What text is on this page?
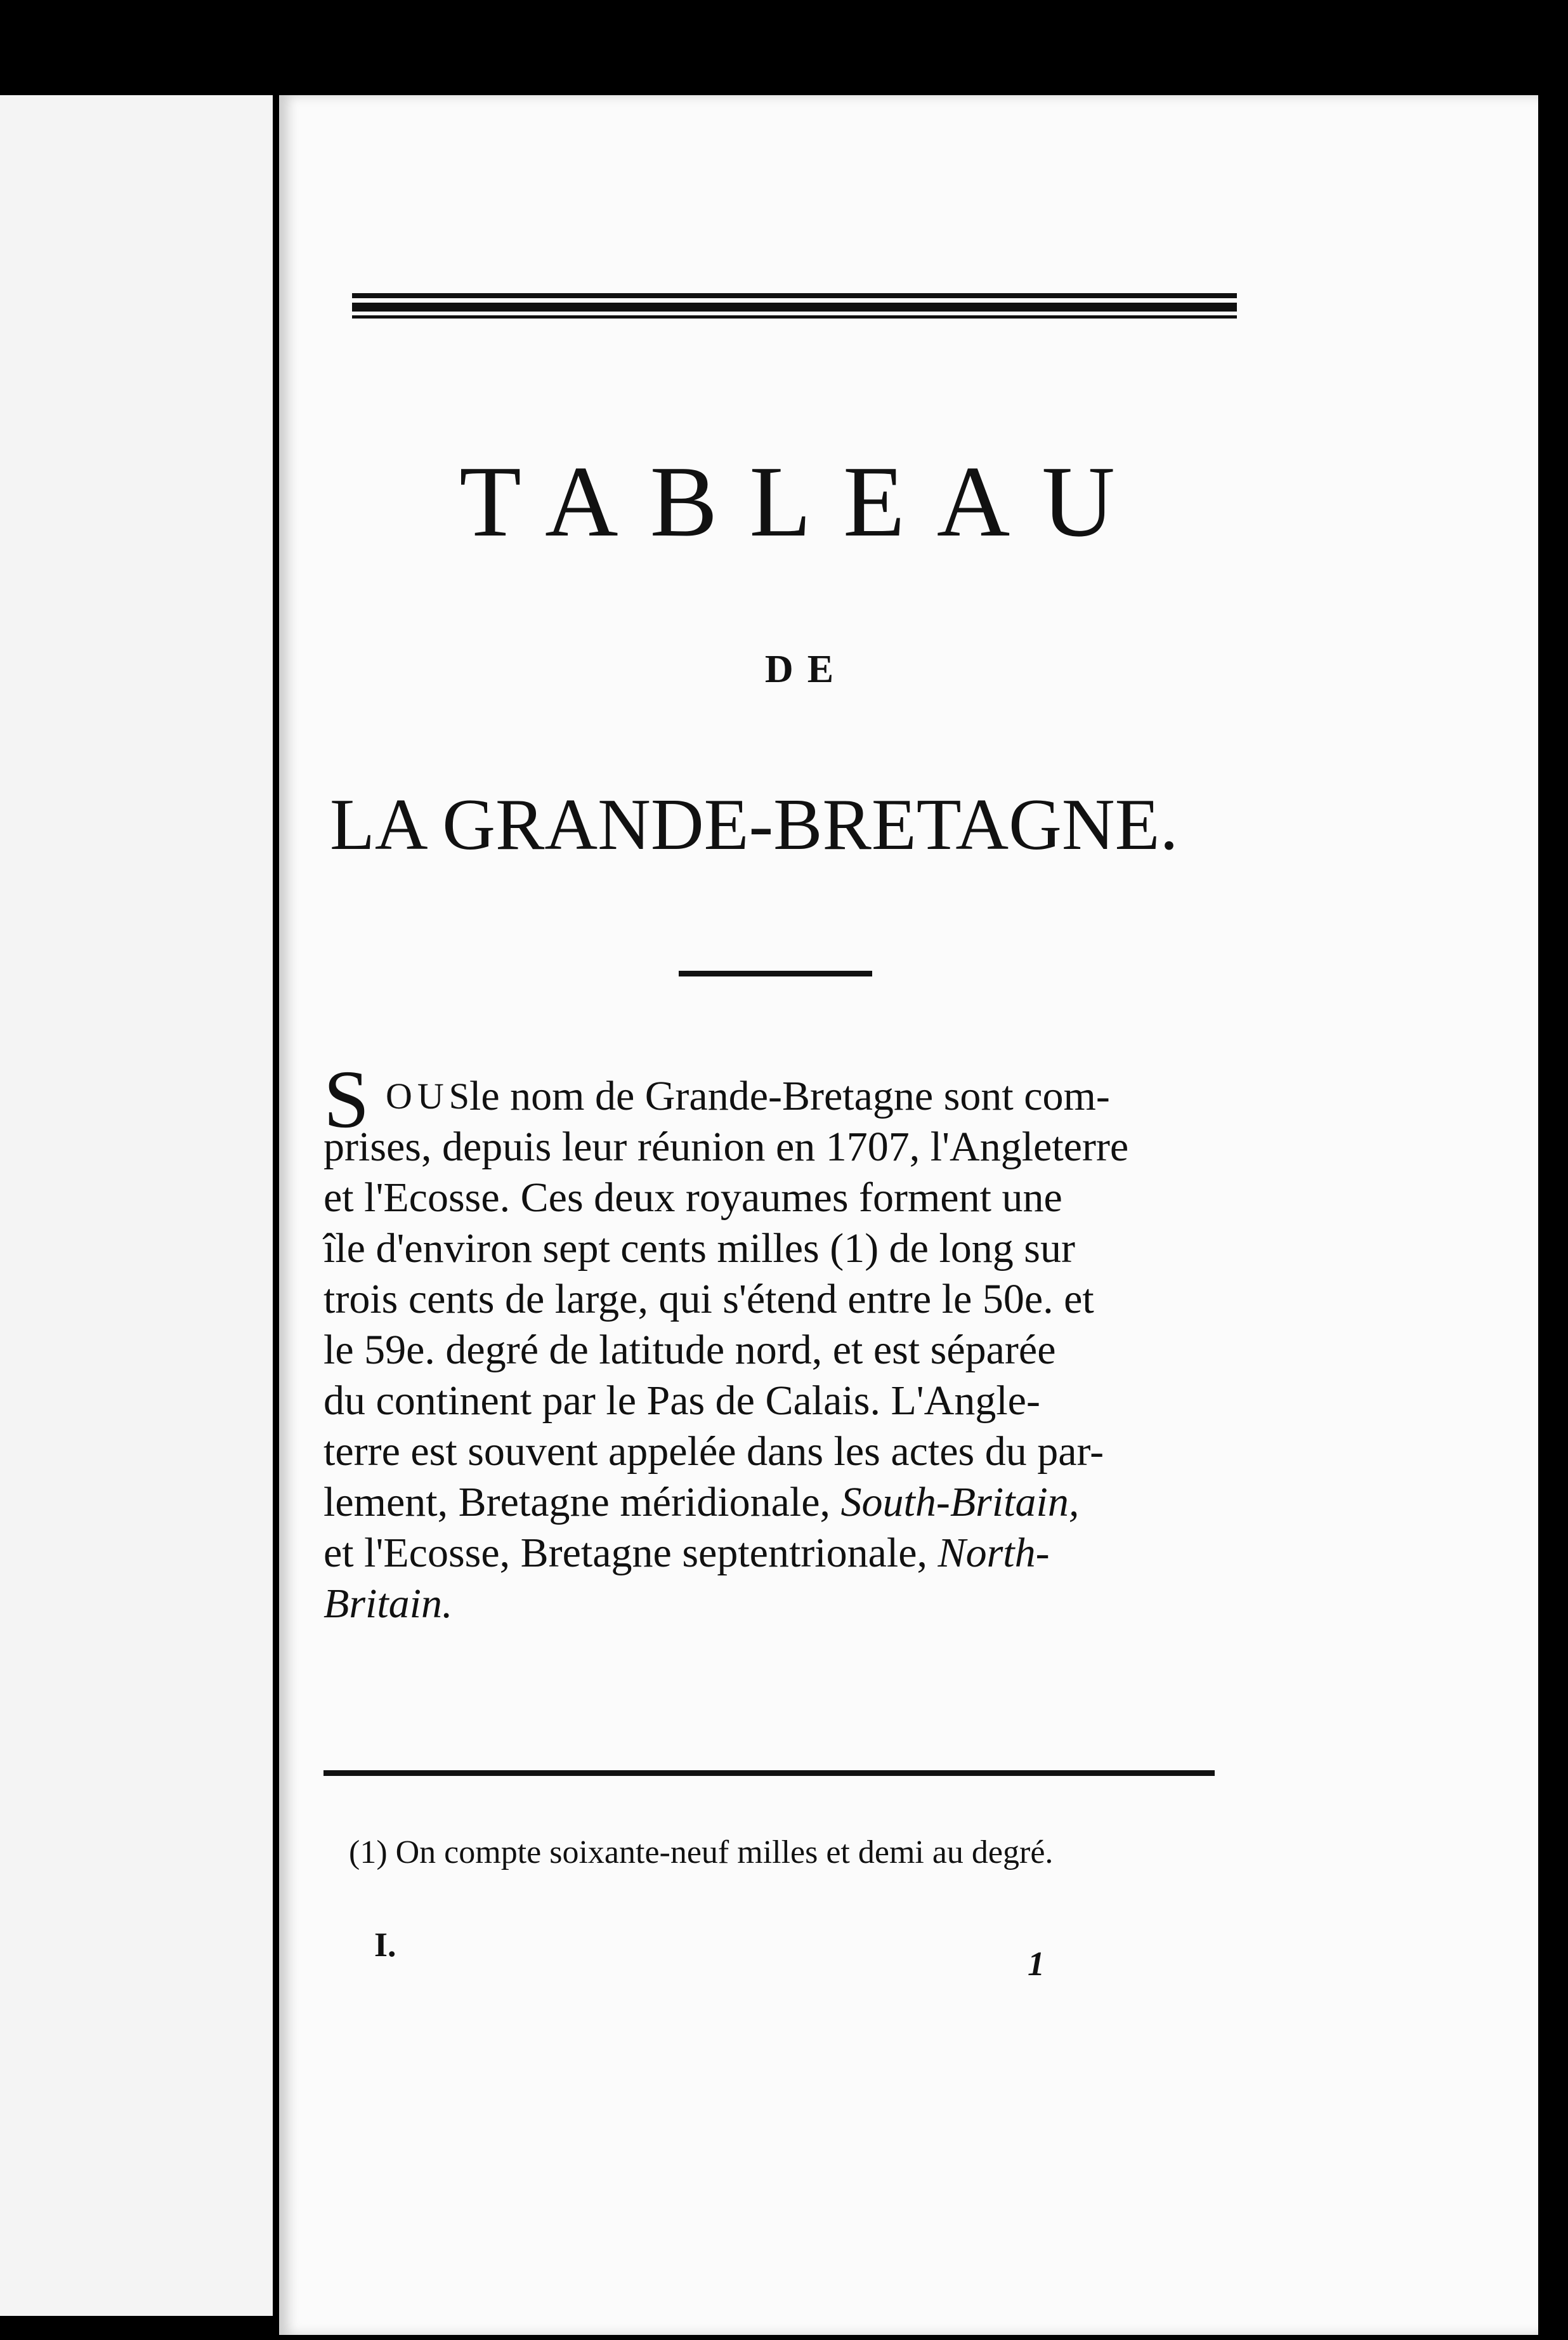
TABLEAU
DE
LA GRANDE-BRETAGNE.
S OUS
le nom de Grande-Bretagne sont com-
prises, depuis leur réunion en 1707, l'Angleterre
et l'Ecosse. Ces deux royaumes forment une
île d'environ sept cents milles (1) de long sur
trois cents de large, qui s'étend entre le 50e. et
le 59e. degré de latitude nord, et est séparée
du continent par le Pas de Calais. L'Angle-
terre est souvent appelée dans les actes du par-
lement, Bretagne méridionale, South-Britain,
et l'Ecosse, Bretagne septentrionale, North-
Britain.
(1) On compte soixante-neuf milles et demi au degré.
I.	1
